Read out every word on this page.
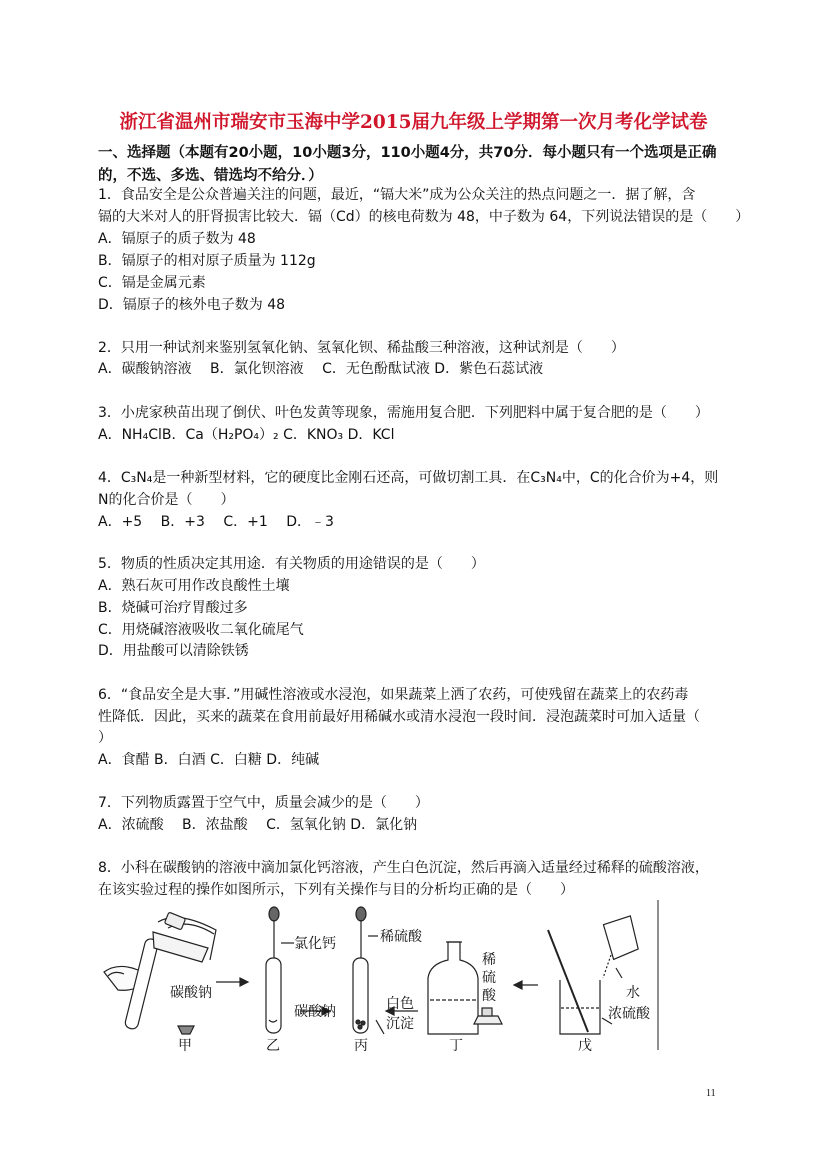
浙江省温州市瑞安市玉海中学2015届九年级上学期第一次月考化学试卷
一、选择题（本题有20小题，10小题3分，110小题4分，共70分．每小题只有一个选项是正确
的，不选、多选、错选均不给分．）
1．食品安全是公众普遍关注的问题，最近，“镉大米”成为公众关注的热点问题之一．据了解，含
镉的大米对人的肝肾损害比较大．镉（Cd）的核电荷数为 48，中子数为 64，下列说法错误的是（　　）
A．镉原子的质子数为 48
B．镉原子的相对原子质量为 112g
C．镉是金属元素
D．镉原子的核外电子数为 48
2．只用一种试剂来鉴别氢氧化钠、氢氧化钡、稀盐酸三种溶液，这种试剂是（　　）
A．碳酸钠溶液　 B．氯化钡溶液　 C．无色酚酞试液 D．紫色石蕊试液
3．小虎家秧苗出现了倒伏、叶色发黄等现象，需施用复合肥．下列肥料中属于复合肥的是（　　）
A．NH₄ClB．Ca（H₂PO₄）₂ C．KNO₃ D．KCl
4．C₃N₄是一种新型材料，它的硬度比金刚石还高，可做切割工具．在C₃N₄中，C的化合价为+4，则
N的化合价是（　　）
A．+5　 B．+3　 C．+1　 D．﹣3
5．物质的性质决定其用途．有关物质的用途错误的是（　　）
A．熟石灰可用作改良酸性土壤
B．烧碱可治疗胃酸过多
C．用烧碱溶液吸收二氧化硫尾气
D．用盐酸可以清除铁锈
6．“食品安全是大事．”用碱性溶液或水浸泡，如果蔬菜上洒了农药，可使残留在蔬菜上的农药毒
性降低．因此，买来的蔬菜在食用前最好用稀碱水或清水浸泡一段时间．浸泡蔬菜时可加入适量（
）
A．食醋 B．白酒 C．白糖 D．纯碱
7．下列物质露置于空气中，质量会减少的是（　　）
A．浓硫酸　 B．浓盐酸　 C．氢氧化钠 D．氯化钠
8．小科在碳酸钠的溶液中滴加氯化钙溶液，产生白色沉淀，然后再滴入适量经过稀释的硫酸溶液，
在该实验过程的操作如图所示，下列有关操作与目的分析均正确的是（　　）
碳酸钠
氯化钙
碳酸钠
稀硫酸
白色
沉淀
稀
硫
酸	水
浓硫酸
甲	乙	丙	丁	戊
11
